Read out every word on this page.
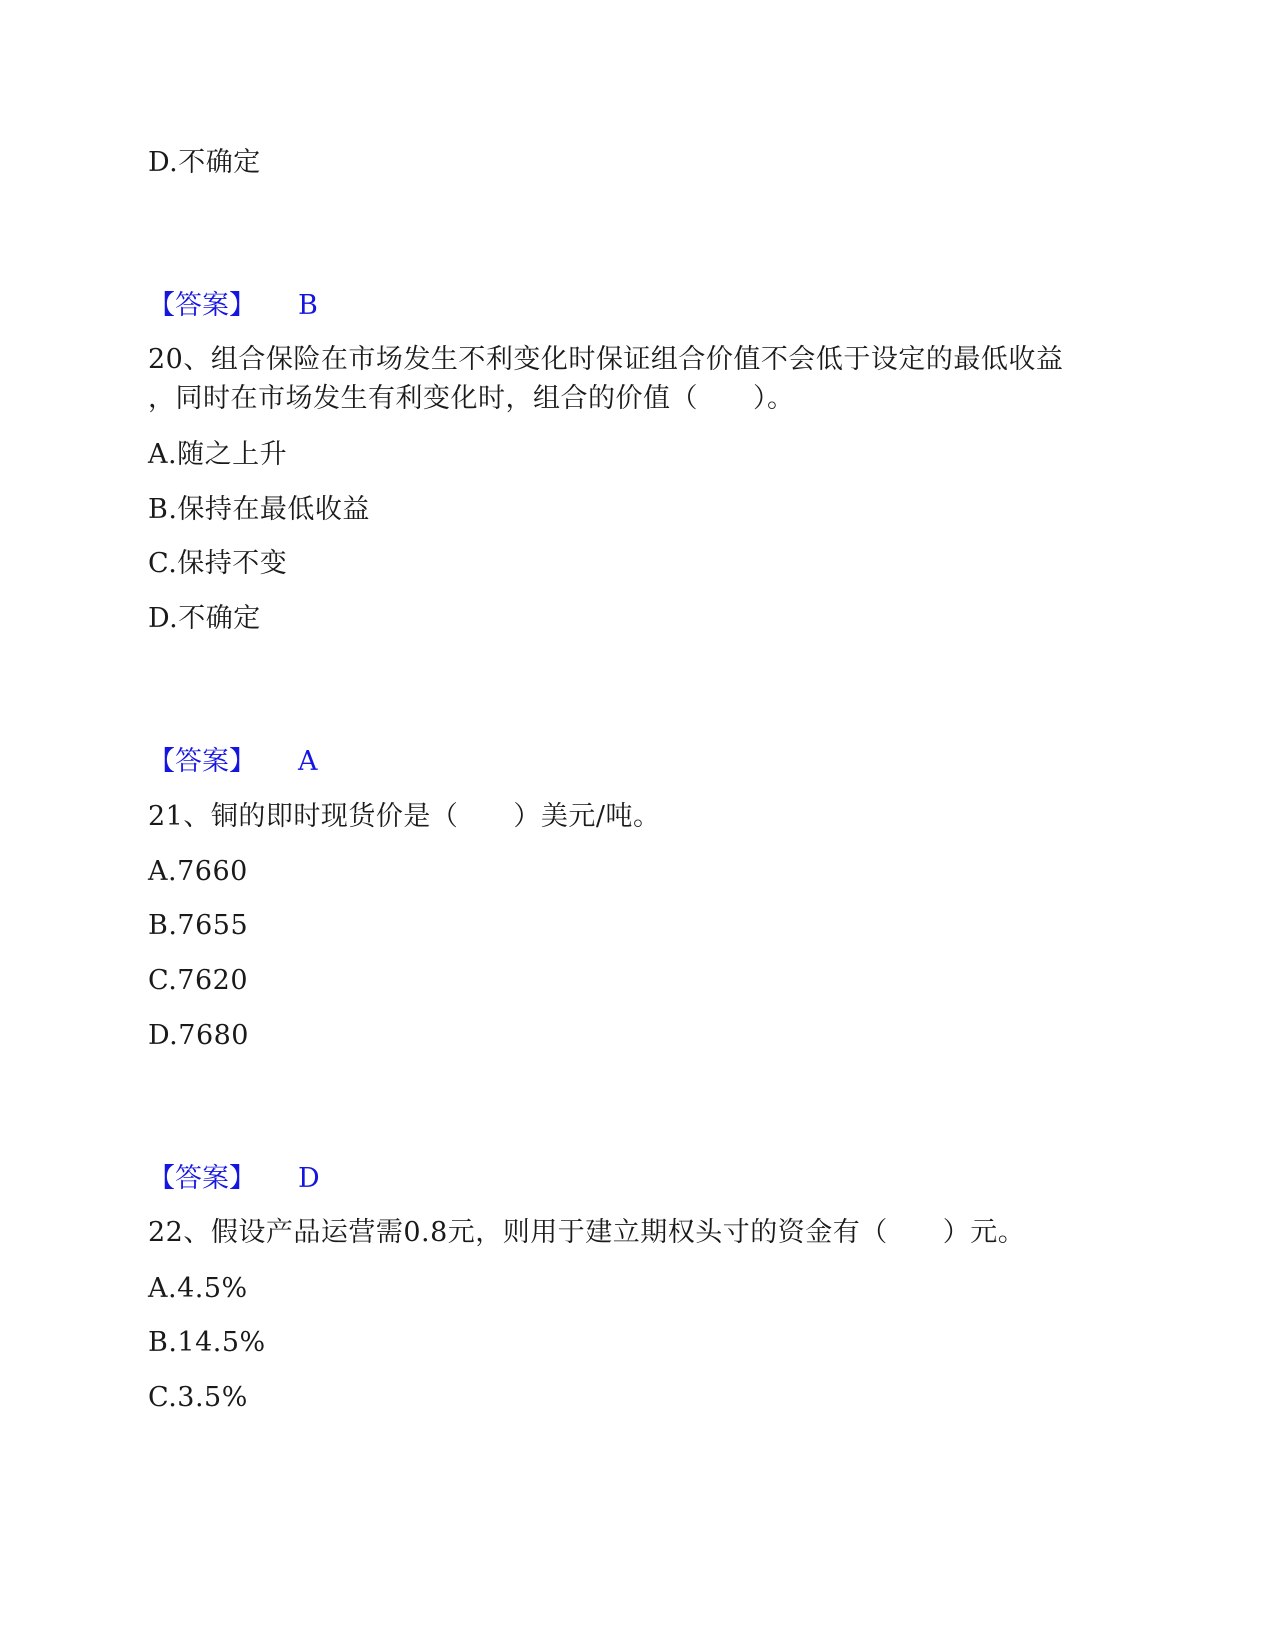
D.不确定
【答案】 B
20、组合保险在市场发生不利变化时保证组合价值不会低于设定的最低收益
，同时在市场发生有利变化时，组合的价值（　　）。
A.随之上升
B.保持在最低收益
C.保持不变
D.不确定
【答案】 A
21、铜的即时现货价是（　　）美元/吨。
A.7660
B.7655
C.7620
D.7680
【答案】 D
22、假设产品运营需0.8元，则用于建立期权头寸的资金有（　　）元。
A.4.5%
B.14.5%
C.3.5%
